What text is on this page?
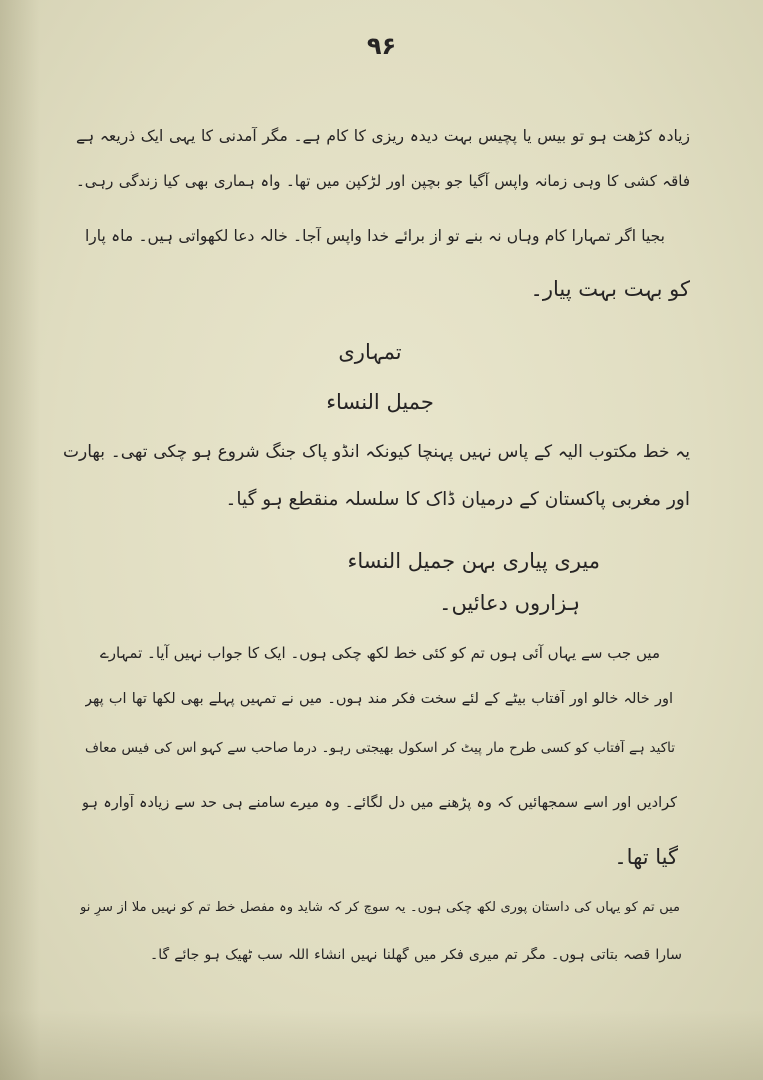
۹۶
زیادہ کڑھت ہو تو بیس یا پچیس بہت دیدہ ریزی کا کام ہے۔ مگر آمدنی کا یہی ایک ذریعہ ہے
فاقہ کشی کا وہی زمانہ واپس آگیا جو بچپن اور لڑکپن میں تھا۔ واہ ہماری بھی کیا زندگی رہی۔
بجیا اگر تمہارا کام وہاں نہ بنے تو از برائے خدا واپس آجا۔ خالہ دعا لکھواتی ہیں۔ ماہ پارا
کو بہت بہت پیار۔
تمہاری
جمیل النساء
یہ خط مکتوب الیہ کے پاس نہیں پہنچا کیونکہ انڈو پاک جنگ شروع ہو چکی تھی۔ بھارت
اور مغربی پاکستان کے درمیان ڈاک کا سلسلہ منقطع ہو گیا۔
میری پیاری بہن جمیل النساء
ہزاروں دعائیں۔
میں جب سے یہاں آئی ہوں تم کو کئی خط لکھ چکی ہوں۔ ایک کا جواب نہیں آیا۔ تمہارے
اور خالہ خالو اور آفتاب بیٹے کے لئے سخت فکر مند ہوں۔ میں نے تمہیں پہلے بھی لکھا تھا اب پھر
تاکید ہے آفتاب کو کسی طرح مار پیٹ کر اسکول بھیجتی رہو۔ درما صاحب سے کہو اس کی فیس معاف
کرادیں اور اسے سمجھائیں کہ وہ پڑھنے میں دل لگائے۔ وہ میرے سامنے ہی حد سے زیادہ آوارہ ہو
گیا تھا۔
میں تم کو یہاں کی داستان پوری لکھ چکی ہوں۔ یہ سوچ کر کہ شاید وہ مفصل خط تم کو نہیں ملا از سرِ نو
سارا قصہ بتاتی ہوں۔ مگر تم میری فکر میں گھلنا نہیں انشاء اللہ سب ٹھیک ہو جائے گا۔
